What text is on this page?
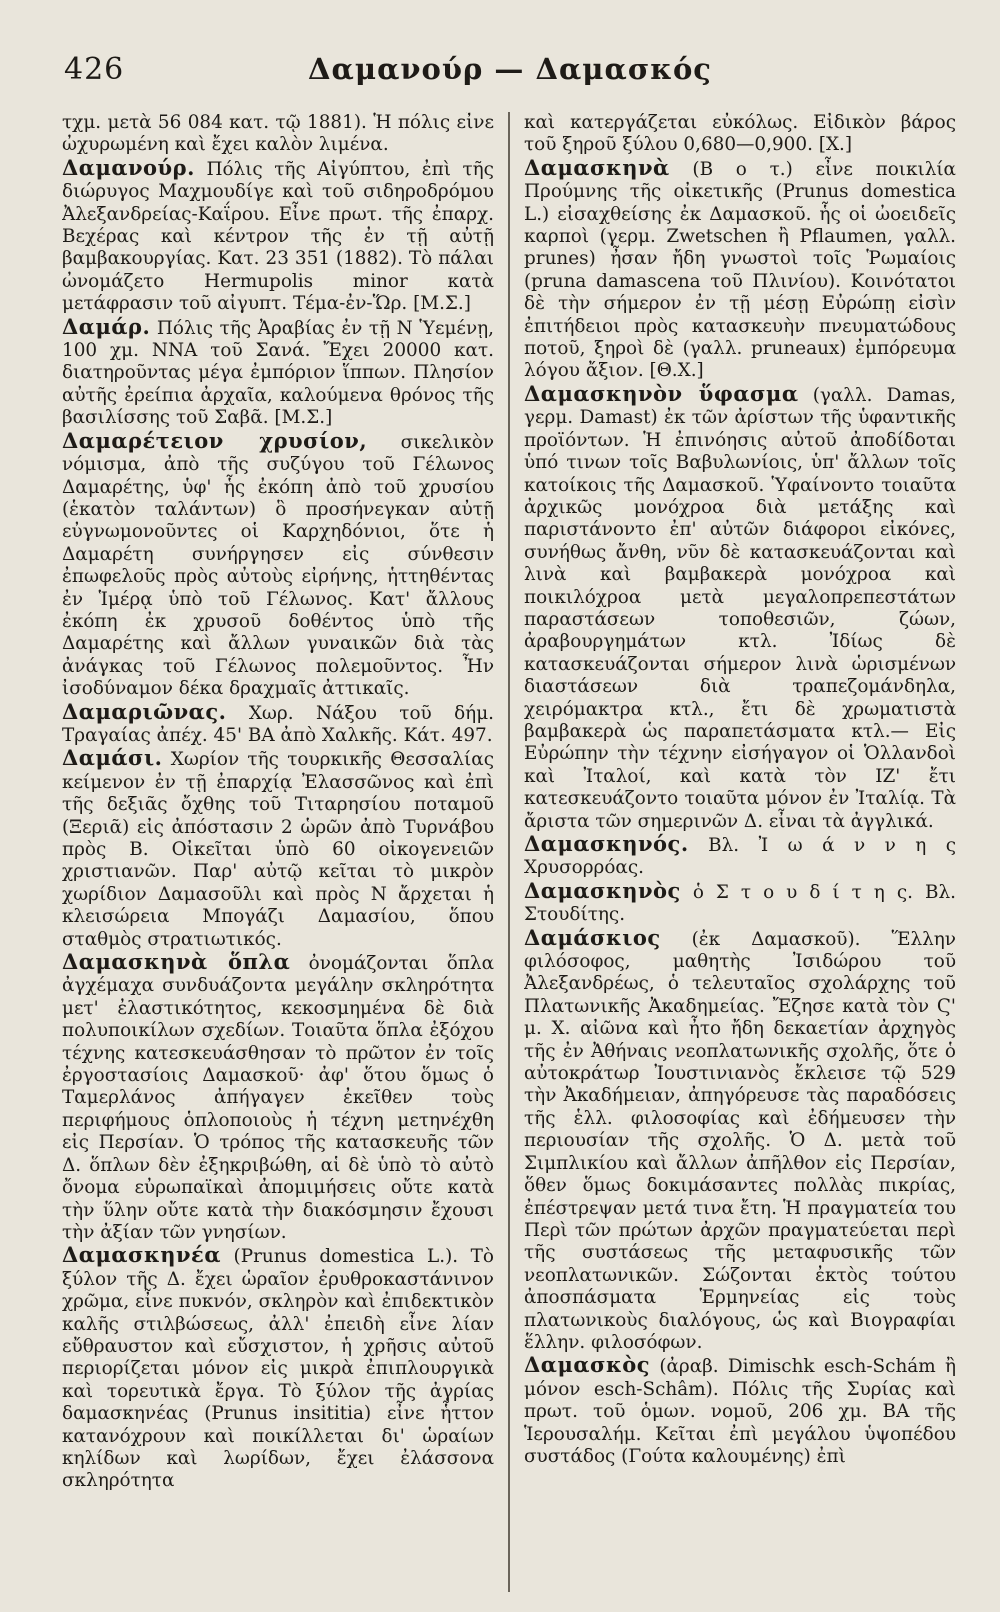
426	Δαμανούρ — Δαμασκός

τχμ. μετὰ 56 084 κατ. τῷ 1881). Ἡ πόλις εἶνε ὠχυρωμένη καὶ ἔχει καλὸν λιμένα.

Δαμανούρ. Πόλις τῆς Αἰγύπτου, ἐπὶ τῆς διώρυγος Μαχμουδίγε καὶ τοῦ σιδηροδρόμου Ἀλεξανδρείας-Καΐρου. Εἶνε πρωτ. τῆς ἐπαρχ. Βεχέρας καὶ κέντρον τῆς ἐν τῇ αὐτῇ βαμβακουργίας. Κατ. 23 351 (1882). Τὸ πάλαι ὠνομάζετο Hermupolis minor κατὰ μετάφρασιν τοῦ αἰγυπτ. Τέμα-ἐν-Ὥρ. [Μ.Σ.]

Δαμάρ. Πόλις τῆς Ἀραβίας ἐν τῇ Ν Ὑεμένῃ, 100 χμ. ΝΝΑ τοῦ Σανά. Ἔχει 20000 κατ. διατηροῦντας μέγα ἐμπόριον ἵππων. Πλησίον αὐτῆς ἐρείπια ἀρχαῖα, καλούμενα θρόνος τῆς βασιλίσσης τοῦ Σαβᾶ. [Μ.Σ.]

Δαμαρέτειον χρυσίον, σικελικὸν νόμισμα, ἀπὸ τῆς συζύγου τοῦ Γέλωνος Δαμαρέτης, ὑφ' ἧς ἐκόπη ἀπὸ τοῦ χρυσίου (ἑκατὸν ταλάντων) ὃ προσήνεγκαν αὐτῇ εὐγνωμονοῦντες οἱ Καρχηδόνιοι, ὅτε ἡ Δαμαρέτη συνήργησεν εἰς σύνθεσιν ἐπωφελοῦς πρὸς αὐτοὺς εἰρήνης, ἡττηθέντας ἐν Ἱμέρᾳ ὑπὸ τοῦ Γέλωνος. Κατ' ἄλλους ἐκόπη ἐκ χρυσοῦ δοθέντος ὑπὸ τῆς Δαμαρέτης καὶ ἄλλων γυναικῶν διὰ τὰς ἀνάγκας τοῦ Γέλωνος πολεμοῦντος. Ἦν ἰσοδύναμον δέκα δραχμαῖς ἀττικαῖς.

Δαμαριῶνας. Χωρ. Νάξου τοῦ δήμ. Τραγαίας ἀπέχ. 45' ΒΑ ἀπὸ Χαλκῆς. Κάτ. 497.

Δαμάσι. Χωρίον τῆς τουρκικῆς Θεσσαλίας κείμενον ἐν τῇ ἐπαρχίᾳ Ἐλασσῶνος καὶ ἐπὶ τῆς δεξιᾶς ὄχθης τοῦ Τιταρησίου ποταμοῦ (Ξεριᾶ) εἰς ἀπόστασιν 2 ὡρῶν ἀπὸ Τυρνάβου πρὸς Β. Οἰκεῖται ὑπὸ 60 οἰκογενειῶν χριστιανῶν. Παρ' αὐτῷ κεῖται τὸ μικρὸν χωρίδιον Δαμασοῦλι καὶ πρὸς Ν ἄρχεται ἡ κλεισώρεια Μπογάζι Δαμασίου, ὅπου σταθμὸς στρατιωτικός.

Δαμασκηνὰ ὅπλα ὀνομάζονται ὅπλα ἀγχέμαχα συνδυάζοντα μεγάλην σκληρότητα μετ' ἐλαστικότητος, κεκοσμημένα δὲ διὰ πολυποικίλων σχεδίων. Τοιαῦτα ὅπλα ἐξόχου τέχνης κατεσκευάσθησαν τὸ πρῶτον ἐν τοῖς ἐργοστασίοις Δαμασκοῦ· ἀφ' ὅτου ὅμως ὁ Ταμερλάνος ἀπήγαγεν ἐκεῖθεν τοὺς περιφήμους ὁπλοποιοὺς ἡ τέχνη μετηνέχθη εἰς Περσίαν. Ὁ τρόπος τῆς κατασκευῆς τῶν Δ. ὅπλων δὲν ἐξηκριβώθη, αἱ δὲ ὑπὸ τὸ αὐτὸ ὄνομα εὐρωπαϊκαὶ ἀπομιμήσεις οὔτε κατὰ τὴν ὕλην οὔτε κατὰ τὴν διακόσμησιν ἔχουσι τὴν ἀξίαν τῶν γνησίων.

Δαμασκηνέα (Prunus domestica L.). Τὸ ξύλον τῆς Δ. ἔχει ὡραῖον ἐρυθροκαστάνινον χρῶμα, εἶνε πυκνόν, σκληρὸν καὶ ἐπιδεκτικὸν καλῆς στιλβώσεως, ἀλλ' ἐπειδὴ εἶνε λίαν εὔθραυστον καὶ εὔσχιστον, ἡ χρῆσις αὐτοῦ περιορίζεται μόνον εἰς μικρὰ ἐπιπλουργικὰ καὶ τορευτικὰ ἔργα. Τὸ ξύλον τῆς ἀγρίας δαμασκηνέας (Prunus insititia) εἶνε ἧττον κατανόχρουν καὶ ποικίλλεται δι' ὡραίων κηλίδων καὶ λωρίδων, ἔχει ἐλάσσονα σκληρότητα

καὶ κατεργάζεται εὐκόλως. Εἰδικὸν βάρος τοῦ ξηροῦ ξύλου 0,680—0,900. [Χ.]

Δαμασκηνὰ (Β ο τ.) εἶνε ποικιλία Προύμνης τῆς οἰκετικῆς (Prunus domestica L.) εἰσαχθείσης ἐκ Δαμασκοῦ. ἧς οἱ ὠοειδεῖς καρποὶ (γερμ. Zwetschen ἢ Pflaumen, γαλλ. prunes) ἦσαν ἤδη γνωστοὶ τοῖς Ῥωμαίοις (pruna damascena τοῦ Πλινίου). Κοινότατοι δὲ τὴν σήμερον ἐν τῇ μέσῃ Εὐρώπῃ εἰσὶν ἐπιτήδειοι πρὸς κατασκευὴν πνευματώδους ποτοῦ, ξηροὶ δὲ (γαλλ. pruneaux) ἐμπόρευμα λόγου ἄξιον. [Θ.Χ.]

Δαμασκηνὸν ὕφασμα (γαλλ. Damas, γερμ. Damast) ἐκ τῶν ἀρίστων τῆς ὑφαντικῆς προϊόντων. Ἡ ἐπινόησις αὐτοῦ ἀποδίδοται ὑπό τινων τοῖς Βαβυλωνίοις, ὑπ' ἄλλων τοῖς κατοίκοις τῆς Δαμασκοῦ. Ὑφαίνοντο τοιαῦτα ἀρχικῶς μονόχροα διὰ μετάξης καὶ παριστάνοντο ἐπ' αὐτῶν διάφοροι εἰκόνες, συνήθως ἄνθη, νῦν δὲ κατασκευάζονται καὶ λινὰ καὶ βαμβακερὰ μονόχροα καὶ ποικιλόχροα μετὰ μεγαλοπρεπεστάτων παραστάσεων τοποθεσιῶν, ζώων, ἀραβουργημάτων κτλ. Ἰδίως δὲ κατασκευάζονται σήμερον λινὰ ὡρισμένων διαστάσεων διὰ τραπεζομάνδηλα, χειρόμακτρα κτλ., ἔτι δὲ χρωματιστὰ βαμβακερὰ ὡς παραπετάσματα κτλ.— Εἰς Εὐρώπην τὴν τέχνην εἰσήγαγον οἱ Ὁλλανδοὶ καὶ Ἰταλοί, καὶ κατὰ τὸν ΙΖ' ἔτι κατεσκευάζοντο τοιαῦτα μόνον ἐν Ἰταλίᾳ. Τὰ ἄριστα τῶν σημερινῶν Δ. εἶναι τὰ ἀγγλικά.

Δαμασκηνός. Βλ. Ἰ ω ά ν ν η ς Χρυσορρόας.

Δαμασκηνὸς ὁ Σ τ ο υ δ ί τ η ς. Βλ. Στουδίτης.

Δαμάσκιος (ἐκ Δαμασκοῦ). Ἕλλην φιλόσοφος, μαθητὴς Ἰσιδώρου τοῦ Ἀλεξανδρέως, ὁ τελευταῖος σχολάρχης τοῦ Πλατωνικῆς Ἀκαδημείας. Ἔζησε κατὰ τὸν Ϛ' μ. Χ. αἰῶνα καὶ ἦτο ἤδη δεκαετίαν ἀρχηγὸς τῆς ἐν Ἀθήναις νεοπλατωνικῆς σχολῆς, ὅτε ὁ αὐτοκράτωρ Ἰουστινιανὸς ἔκλεισε τῷ 529 τὴν Ἀκαδήμειαν, ἀπηγόρευσε τὰς παραδόσεις τῆς ἑλλ. φιλοσοφίας καὶ ἐδήμευσεν τὴν περιουσίαν τῆς σχολῆς. Ὁ Δ. μετὰ τοῦ Σιμπλικίου καὶ ἄλλων ἀπῆλθον εἰς Περσίαν, ὅθεν ὅμως δοκιμάσαντες πολλὰς πικρίας, ἐπέστρεψαν μετά τινα ἔτη. Ἡ πραγματεία του Περὶ τῶν πρώτων ἀρχῶν πραγματεύεται περὶ τῆς συστάσεως τῆς μεταφυσικῆς τῶν νεοπλατωνικῶν. Σώζονται ἐκτὸς τούτου ἀποσπάσματα Ἑρμηνείας εἰς τοὺς πλατωνικοὺς διαλόγους, ὡς καὶ Βιογραφίαι ἕλλην. φιλοσόφων.

Δαμασκὸς (ἀραβ. Dimischk esch-Schám ἢ μόνον esch-Schâm). Πόλις τῆς Συρίας καὶ πρωτ. τοῦ ὁμων. νομοῦ, 206 χμ. ΒΑ τῆς Ἱερουσαλήμ. Κεῖται ἐπὶ μεγάλου ὑψοπέδου συστάδος (Γούτα καλουμένης) ἐπὶ
